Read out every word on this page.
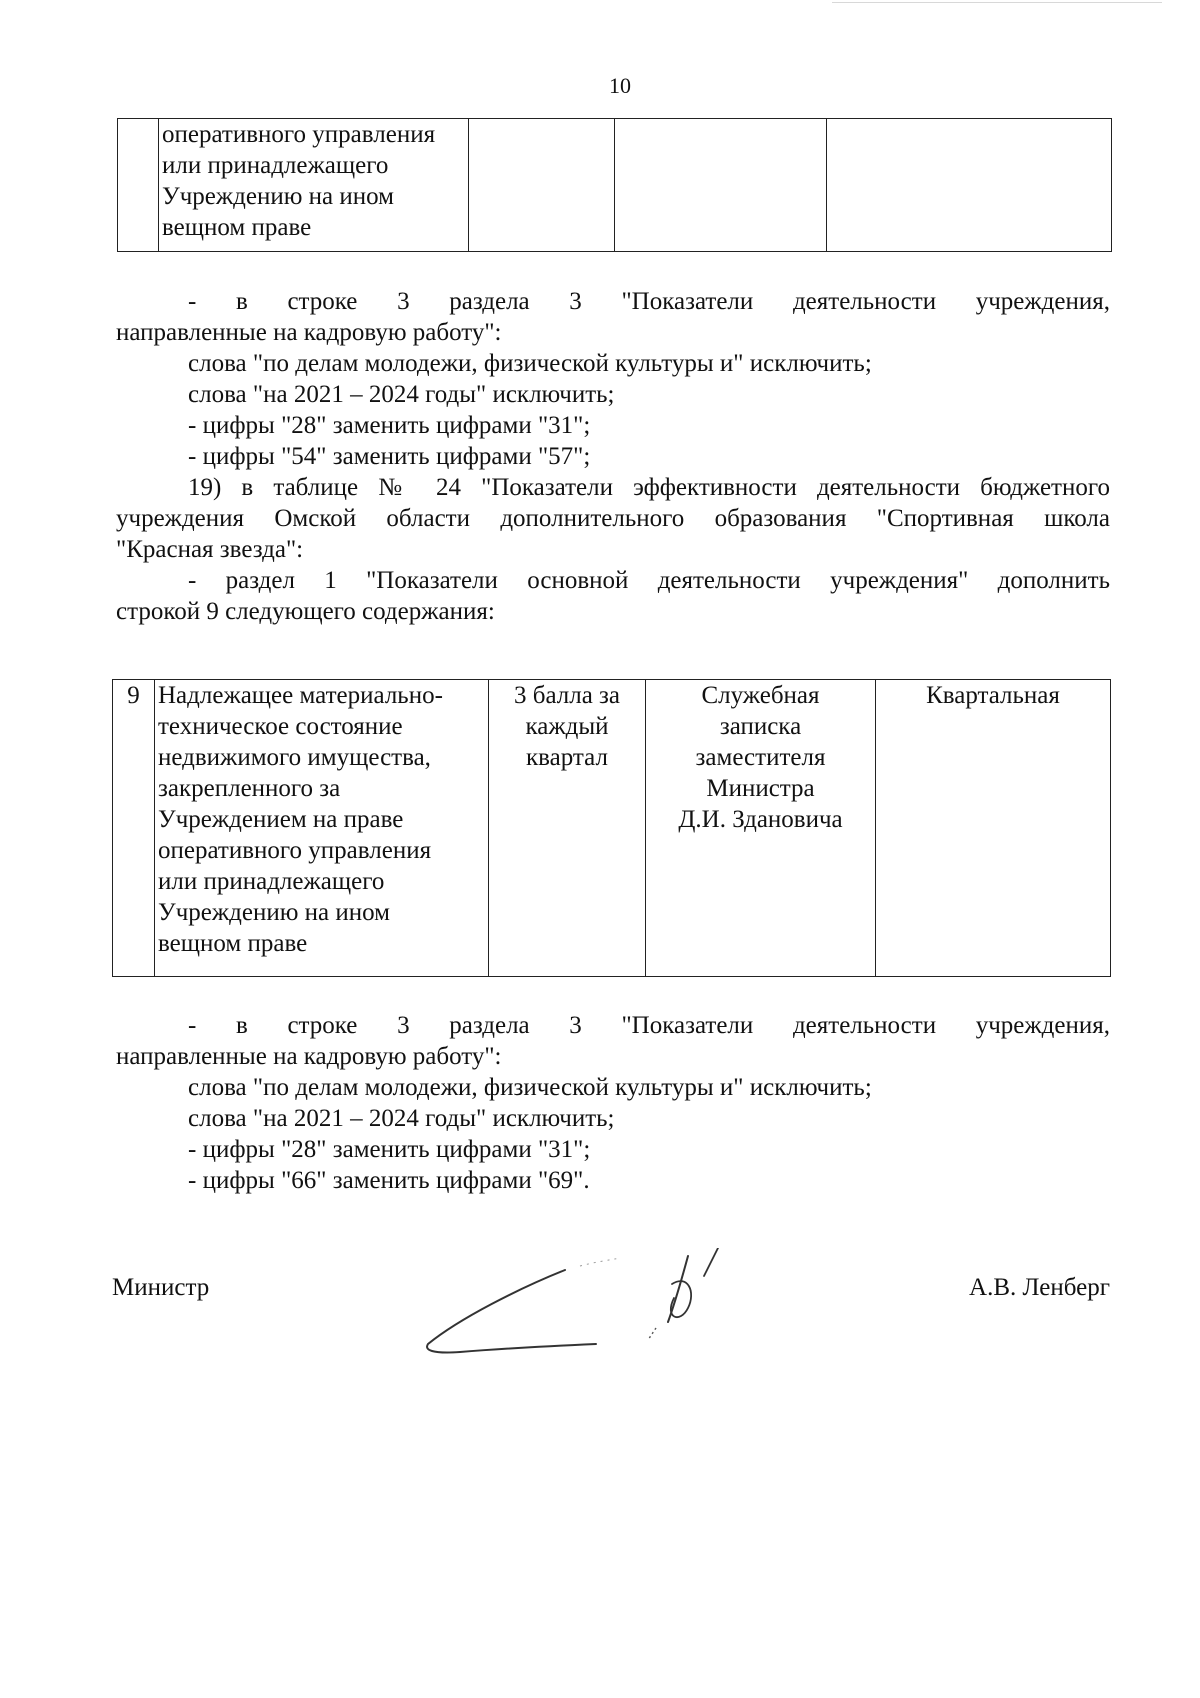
10
	оперативного управления
или принадлежащего
Учреждению на ином
вещном праве			
- в строке 3 раздела 3 "Показатели деятельности учреждения,
направленные на кадровую работу":
слова "по делам молодежи, физической культуры и" исключить;
слова "на 2021 – 2024 годы" исключить;
- цифры "28" заменить цифрами "31";
- цифры "54" заменить цифрами "57";
19) в таблице № 24 "Показатели эффективности деятельности бюджетного
учреждения Омской области дополнительного образования "Спортивная школа
"Красная звезда":
- раздел 1 "Показатели основной деятельности учреждения" дополнить
строкой 9 следующего содержания:
9	Надлежащее материально-
техническое состояние
недвижимого имущества,
закрепленного за
Учреждением на праве
оперативного управления
или принадлежащего
Учреждению на ином
вещном праве	3 балла за
каждый
квартал	Служебная
записка
заместителя
Министра
Д.И. Здановича	Квартальная
- в строке 3 раздела 3 "Показатели деятельности учреждения,
направленные на кадровую работу":
слова "по делам молодежи, физической культуры и" исключить;
слова "на 2021 – 2024 годы" исключить;
- цифры "28" заменить цифрами "31";
- цифры "66" заменить цифрами "69".
Министр	А.В. Ленберг
